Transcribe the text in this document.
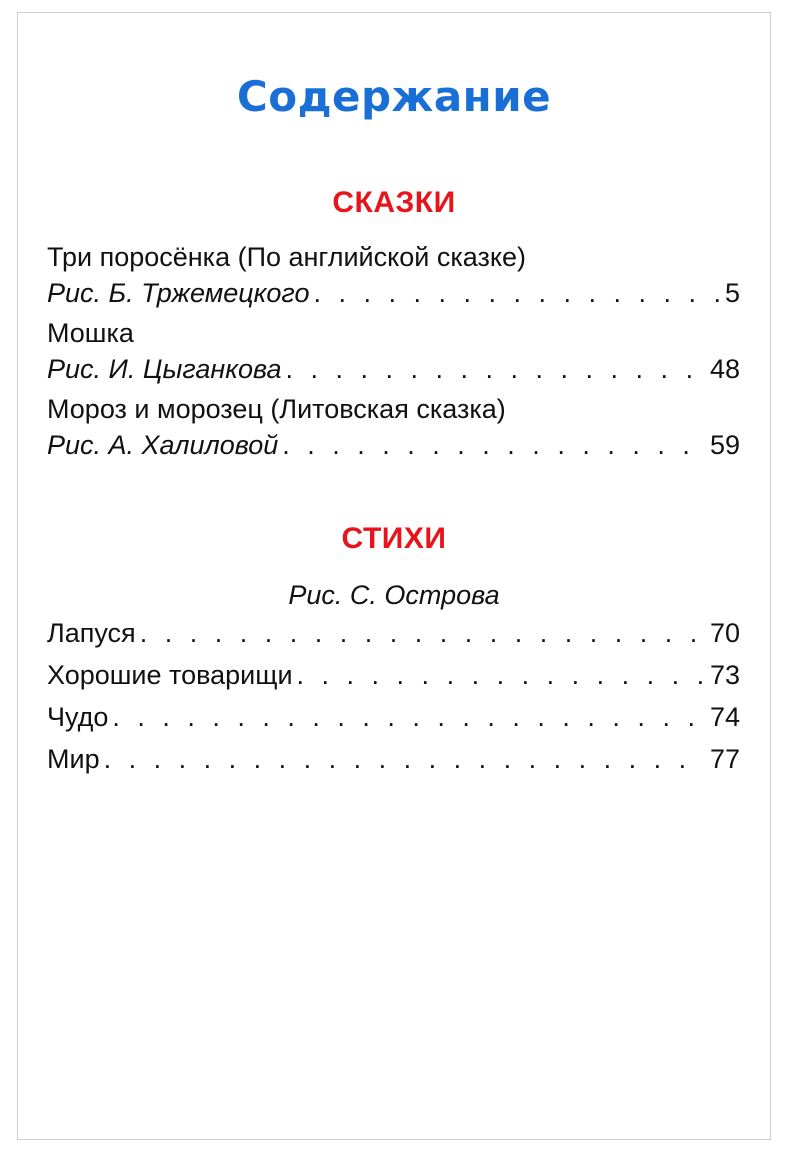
Содержание
СКАЗКИ
Три поросёнка (По английской сказке)
Рис. Б. Тржемецкого . . .	5
Мошка
Рис. И. Цыганкова . . .	48
Мороз и морозец (Литовская сказка)
Рис. А. Халиловой . . .	59
СТИХИ
Рис. С. Острова
Лапуся . . .	70
Хорошие товарищи . . .	73
Чудо . . .	74
Мир . . .	77
